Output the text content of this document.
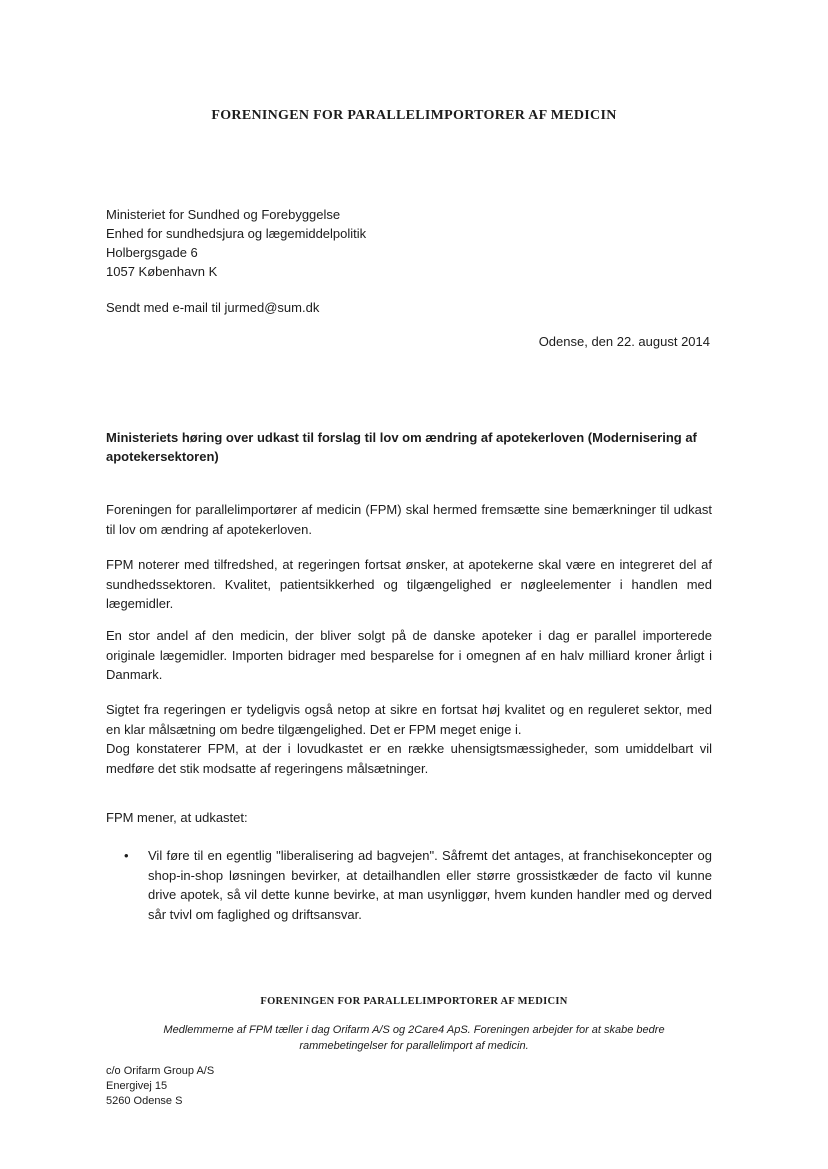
FORENINGEN FOR PARALLELIMPORTORER AF MEDICIN
Ministeriet for Sundhed og Forebyggelse
Enhed for sundhedsjura og lægemiddelpolitik
Holbergsgade 6
1057 København K
Sendt med e-mail til jurmed@sum.dk
Odense, den 22. august 2014
Ministeriets høring over udkast til forslag til lov om ændring af apotekerloven (Modernisering af apotekersektoren)
Foreningen for parallelimportører af medicin (FPM) skal hermed fremsætte sine bemærkninger til udkast til lov om ændring af apotekerloven.
FPM noterer med tilfredshed, at regeringen fortsat ønsker, at apotekerne skal være en integreret del af sundhedssektoren. Kvalitet, patientsikkerhed og tilgængelighed er nøgleelementer i handlen med lægemidler.
En stor andel af den medicin, der bliver solgt på de danske apoteker i dag er parallel importerede originale lægemidler. Importen bidrager med besparelse for i omegnen af en halv milliard kroner årligt i Danmark.
Sigtet fra regeringen er tydeligvis også netop at sikre en fortsat høj kvalitet og en reguleret sektor, med en klar målsætning om bedre tilgængelighed. Det er FPM meget enige i.
Dog konstaterer FPM, at der i lovudkastet er en række uhensigtsmæssigheder, som umiddelbart vil medføre det stik modsatte af regeringens målsætninger.
FPM mener, at udkastet:
• Vil føre til en egentlig "liberalisering ad bagvejen". Såfremt det antages, at franchisekoncepter og shop-in-shop løsningen bevirker, at detailhandlen eller større grossistkæder de facto vil kunne drive apotek, så vil dette kunne bevirke, at man usynliggør, hvem kunden handler med og derved sår tvivl om faglighed og driftsansvar.
FORENINGEN FOR PARALLELIMPORTORER AF MEDICIN
Medlemmerne af FPM tæller i dag Orifarm A/S og 2Care4 ApS. Foreningen arbejder for at skabe bedre
rammebetingelser for parallelimport af medicin.
c/o Orifarm Group A/S
Energivej 15
5260 Odense S
